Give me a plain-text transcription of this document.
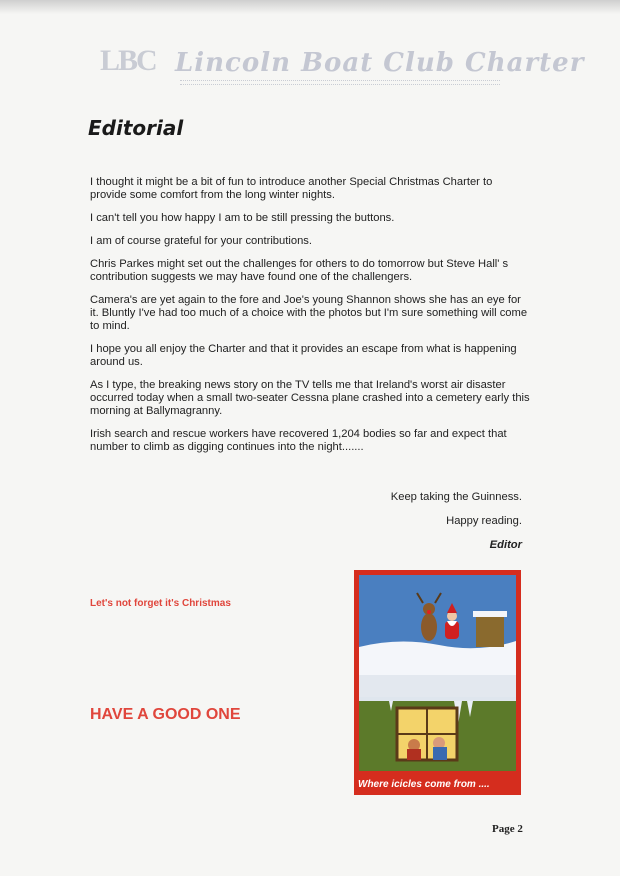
LBC Lincoln Boat Club Charter
Editorial

I thought it might be a bit of fun to introduce another Special Christmas Charter to provide some comfort from the long winter nights.

I can't tell you how happy I am to be still pressing the buttons.

I am of course grateful for your contributions.

Chris Parkes might set out the challenges for others to do tomorrow but Steve Hall' s contribution suggests we may have found one of the challengers.

Camera's are yet again to the fore and Joe's young Shannon shows she has an eye for it. Bluntly I've had too much of a choice with the photos but I'm sure something will come to mind.

I hope you all enjoy the Charter and that it provides an escape from what is happening around us.

As I type, the breaking news story on the TV tells me that Ireland's worst air disaster occurred today when a small two-seater Cessna plane crashed into a cemetery early this morning at Ballymagranny.

Irish search and rescue workers have recovered 1,204 bodies so far and expect that number to climb as digging continues into the night.......

Keep taking the Guinness.
Happy reading.
Editor

Let's not forget it's Christmas

HAVE A GOOD ONE

Where icicles come from ....

Page 2
